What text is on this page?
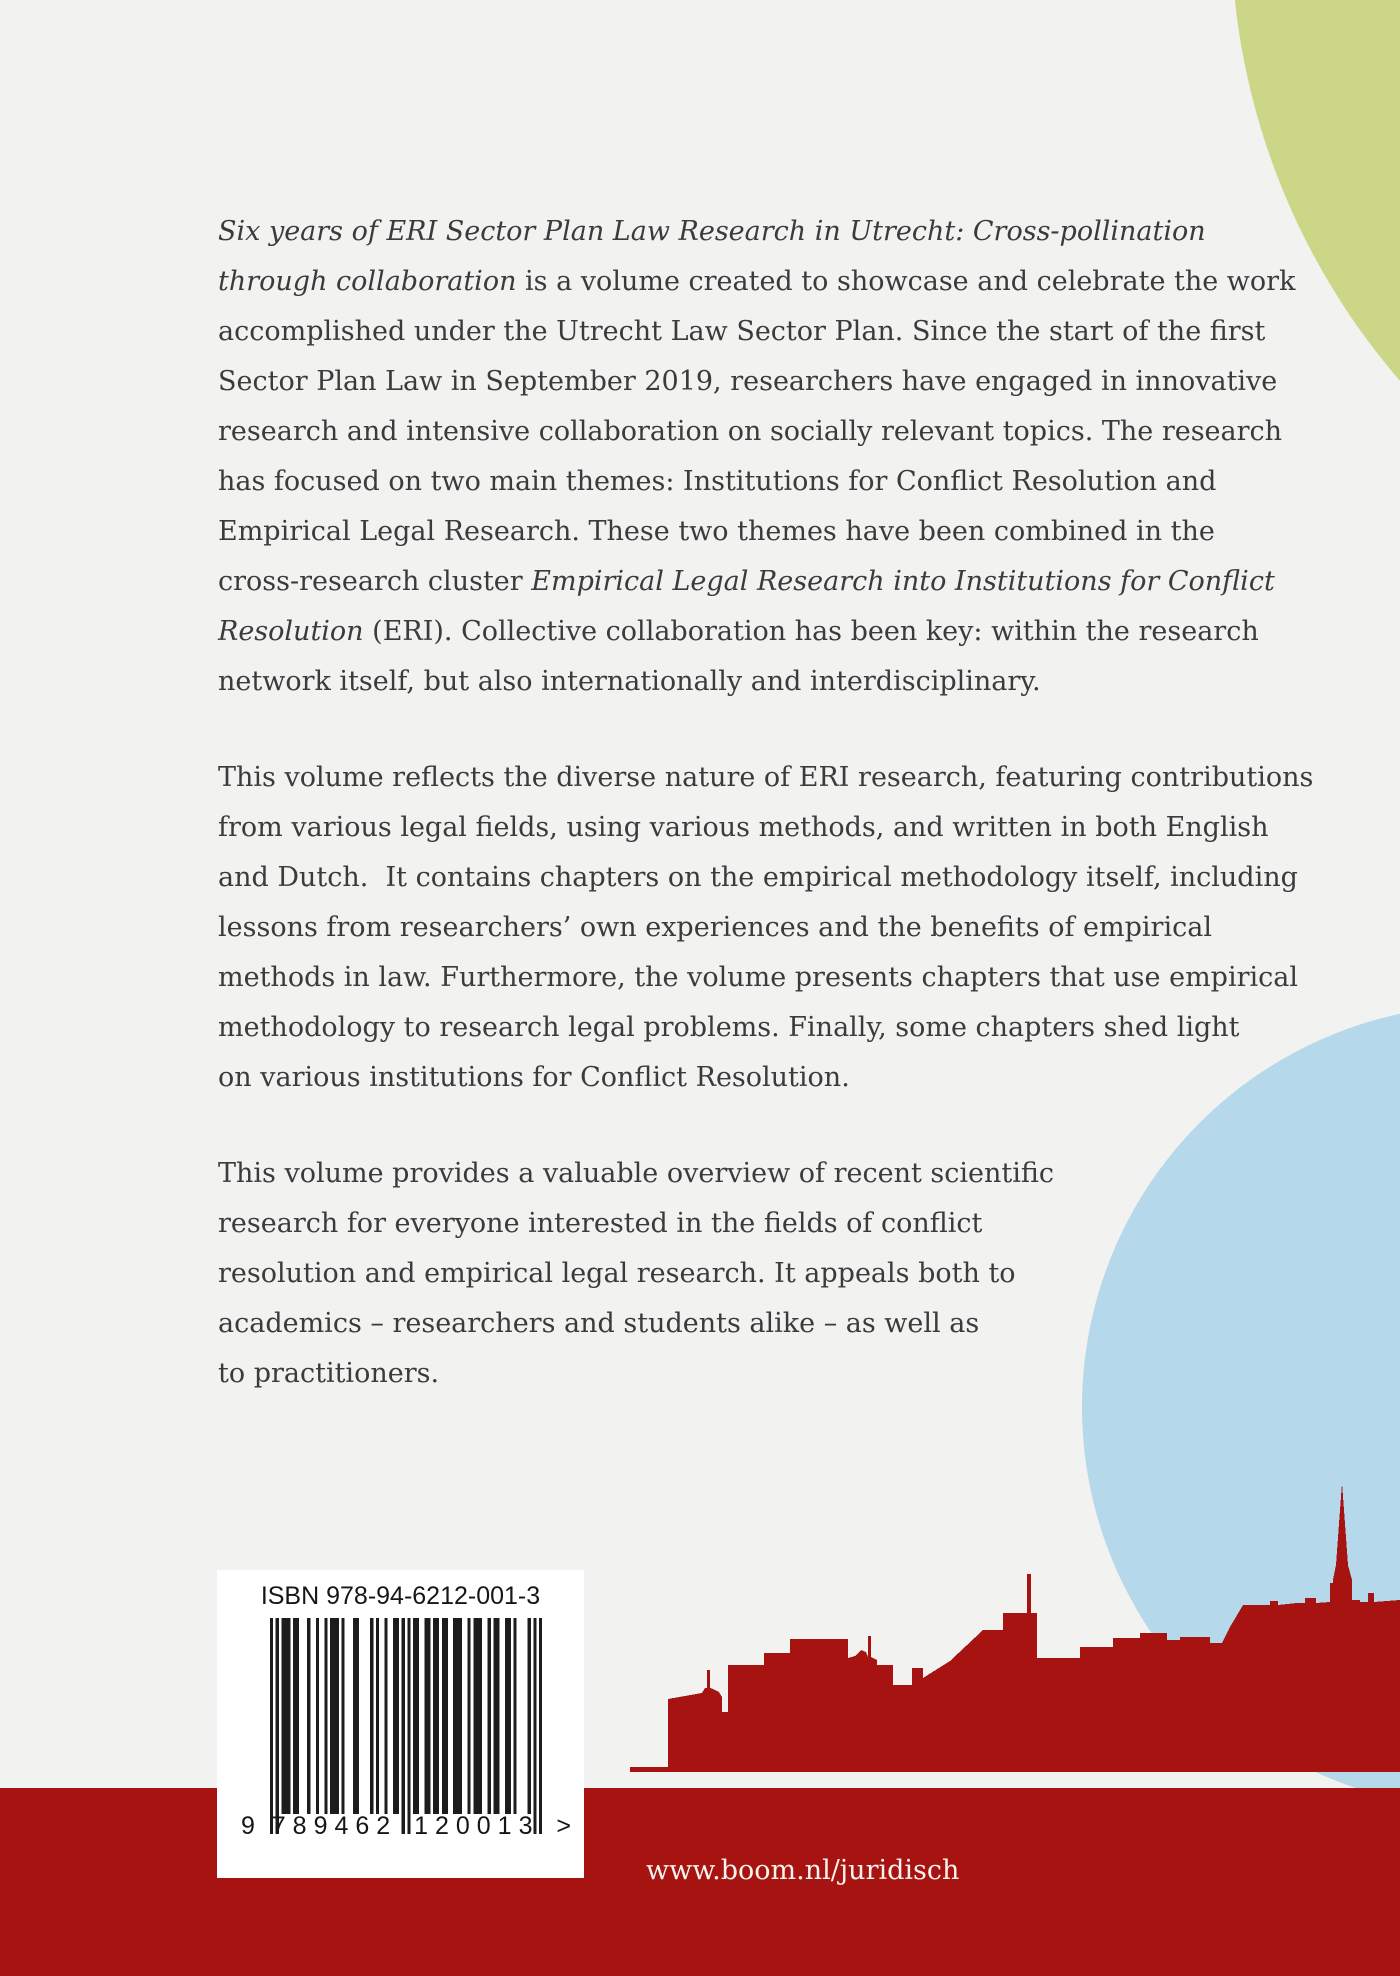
Six years of ERI Sector Plan Law Research in Utrecht: Cross-pollination
through collaboration is a volume created to showcase and celebrate the work
accomplished under the Utrecht Law Sector Plan. Since the start of the first
Sector Plan Law in September 2019, researchers have engaged in innovative
research and intensive collaboration on socially relevant topics. The research
has focused on two main themes: Institutions for Conflict Resolution and
Empirical Legal Research. These two themes have been combined in the
cross-research cluster Empirical Legal Research into Institutions for Conflict
Resolution (ERI). Collective collaboration has been key: within the research
network itself, but also internationally and interdisciplinary.
This volume reflects the diverse nature of ERI research, featuring contributions
from various legal fields, using various methods, and written in both English
and Dutch.  It contains chapters on the empirical methodology itself, including
lessons from researchers’ own experiences and the benefits of empirical
methods in law. Furthermore, the volume presents chapters that use empirical
methodology to research legal problems. Finally, some chapters shed light
on various institutions for Conflict Resolution.
This volume provides a valuable overview of recent scientific
research for everyone interested in the fields of conflict
resolution and empirical legal research. It appeals both to
academics – researchers and students alike – as well as
to practitioners.
www.boom.nl/juridisch
ISBN 978-94-6212-001-3
9 789462 120013 >
